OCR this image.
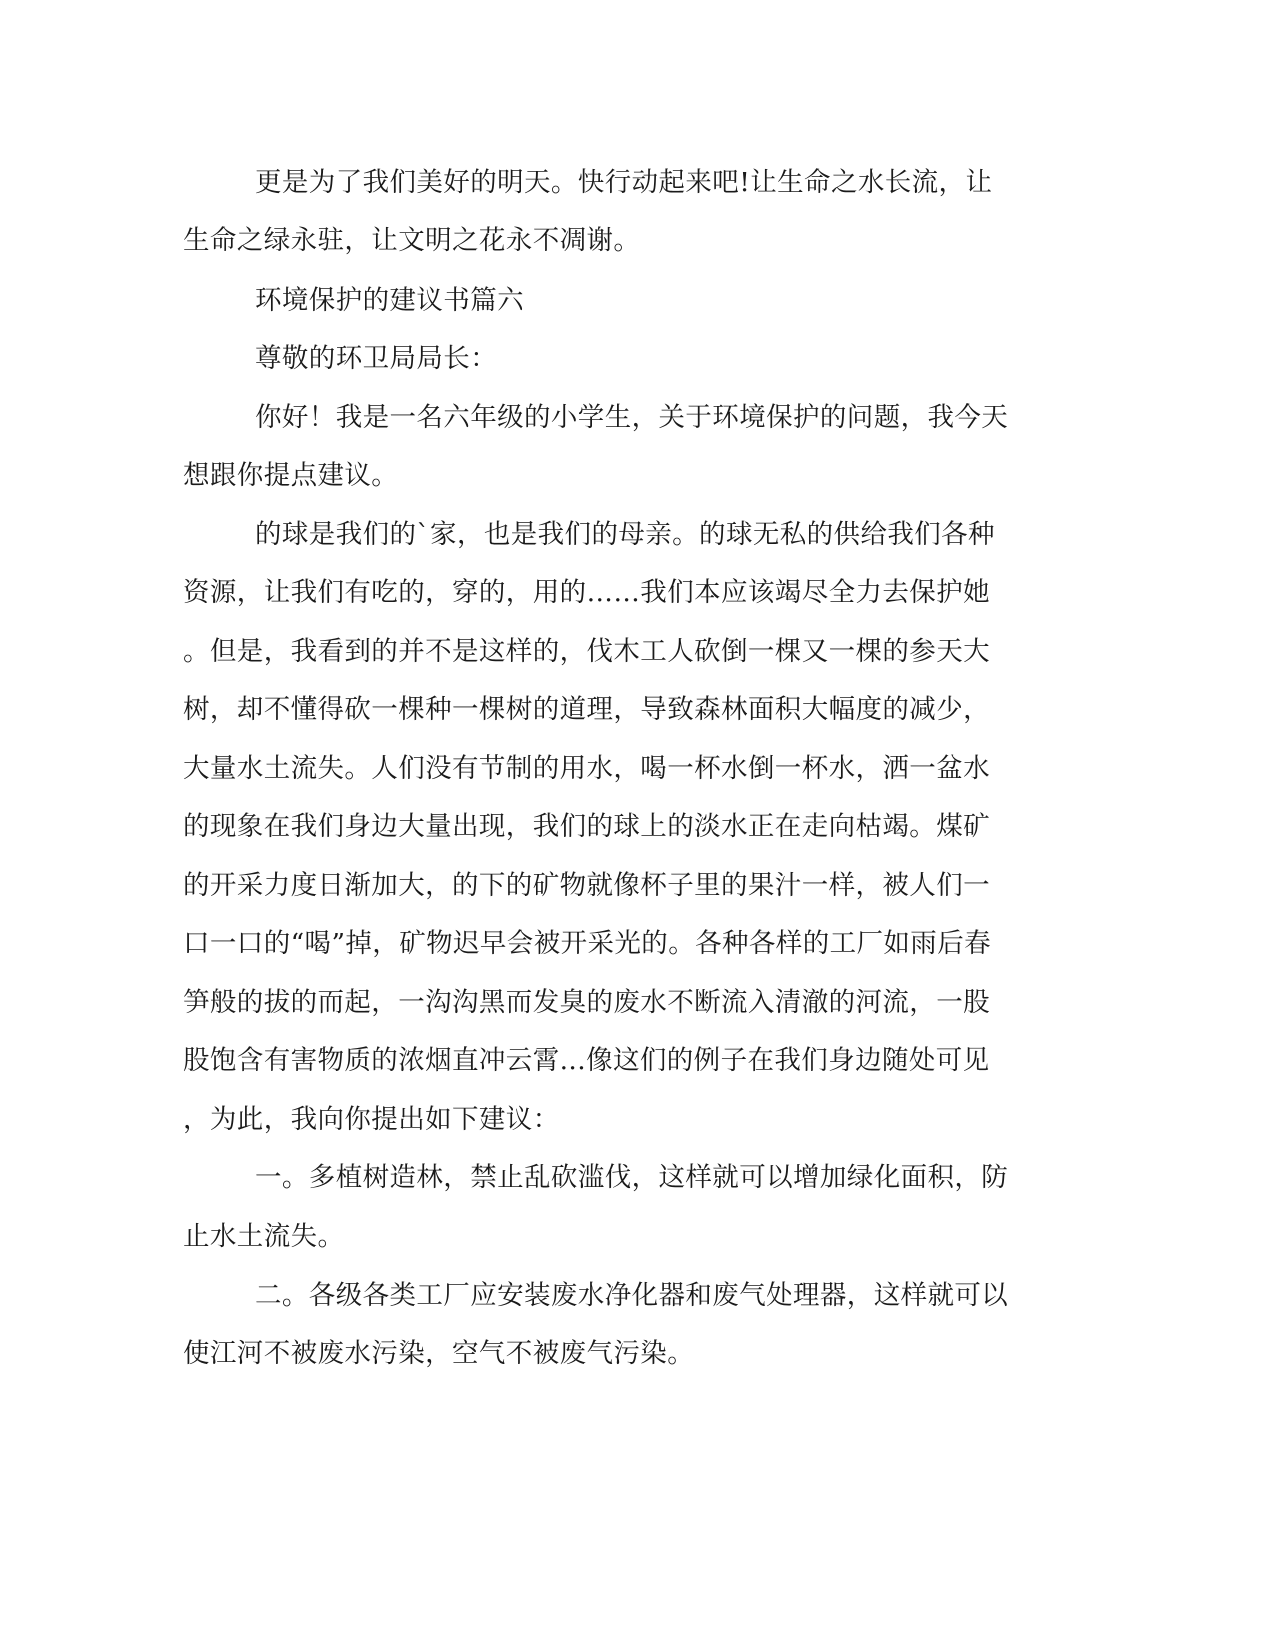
更是为了我们美好的明天。快行动起来吧!让生命之水长流，让
生命之绿永驻，让文明之花永不凋谢。
环境保护的建议书篇六
尊敬的环卫局局长：
你好！我是一名六年级的小学生，关于环境保护的问题，我今天
想跟你提点建议。
的球是我们的`家，也是我们的母亲。的球无私的供给我们各种
资源，让我们有吃的，穿的，用的……我们本应该竭尽全力去保护她
。但是，我看到的并不是这样的，伐木工人砍倒一棵又一棵的参天大
树，却不懂得砍一棵种一棵树的道理，导致森林面积大幅度的减少，
大量水土流失。人们没有节制的用水，喝一杯水倒一杯水，洒一盆水
的现象在我们身边大量出现，我们的球上的淡水正在走向枯竭。煤矿
的开采力度日渐加大，的下的矿物就像杯子里的果汁一样，被人们一
口一口的“喝”掉，矿物迟早会被开采光的。各种各样的工厂如雨后春
笋般的拔的而起，一沟沟黑而发臭的废水不断流入清澈的河流，一股
股饱含有害物质的浓烟直冲云霄...像这们的例子在我们身边随处可见
，为此，我向你提出如下建议：
一。多植树造林，禁止乱砍滥伐，这样就可以增加绿化面积，防
止水土流失。
二。各级各类工厂应安装废水净化器和废气处理器，这样就可以
使江河不被废水污染，空气不被废气污染。
